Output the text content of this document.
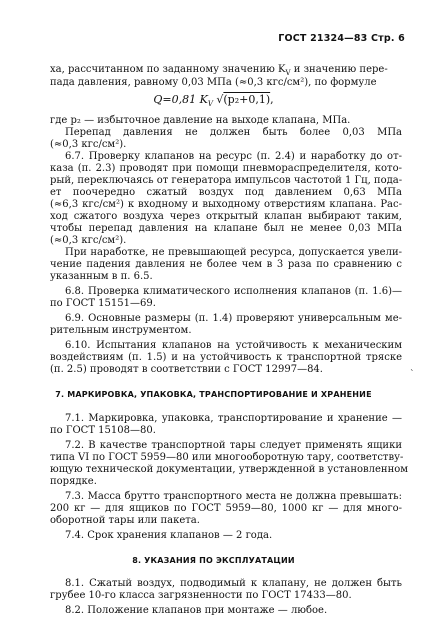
ГОСТ 21324—83 Стр. 6
ха, рассчитанном по заданному значению $K_V$ и значению пере-
пада давления, равному 0,03 МПа (≈0,3 кгс/см²), по формуле
Q=0,81 $K_V$ √(p₂+0,1),
где p₂ — избыточное давление на выходе клапана, МПа.
Перепад давления не должен быть более 0,03 МПа
(≈0,3 кгс/см²).
6.7. Проверку клапанов на ресурс (п. 2.4) и наработку до от-
каза (п. 2.3) проводят при помощи пневмораспределителя, кото-
рый, переключаясь от генератора импульсов частотой 1 Гц, пода-
ет поочередно сжатый воздух под давлением 0,63 МПа
(≈6,3 кгс/см²) к входному и выходному отверстиям клапана. Рас-
ход сжатого воздуха через открытый клапан выбирают таким,
чтобы перепад давления на клапане был не менее 0,03 МПа
(≈0,3 кгс/см²).
При наработке, не превышающей ресурса, допускается увели-
чение падения давления не более чем в 3 раза по сравнению с
указанным в п. 6.5.
6.8. Проверка климатического исполнения клапанов (п. 1.6)—
по ГОСТ 15151—69.
6.9. Основные размеры (п. 1.4) проверяют универсальным ме-
рительным инструментом.
6.10. Испытания клапанов на устойчивость к механическим
воздействиям (п. 1.5) и на устойчивость к транспортной тряске
(п. 2.5) проводят в соответствии с ГОСТ 12997—84.
7. МАРКИРОВКА, УПАКОВКА, ТРАНСПОРТИРОВАНИЕ И ХРАНЕНИЕ
7.1. Маркировка, упаковка, транспортирование и хранение —
по ГОСТ 15108—80.
7.2. В качестве транспортной тары следует применять ящики
типа VI по ГОСТ 5959—80 или многооборотную тару, соответству-
ющую технической документации, утвержденной в установленном
порядке.
7.3. Масса брутто транспортного места не должна превышать:
200 кг — для ящиков по ГОСТ 5959—80, 1000 кг — для много-
оборотной тары или пакета.
7.4. Срок хранения клапанов — 2 года.
8. УКАЗАНИЯ ПО ЭКСПЛУАТАЦИИ
8.1. Сжатый воздух, подводимый к клапану, не должен быть
грубее 10-го класса загрязненности по ГОСТ 17433—80.
8.2. Положение клапанов при монтаже — любое.
ˋ
